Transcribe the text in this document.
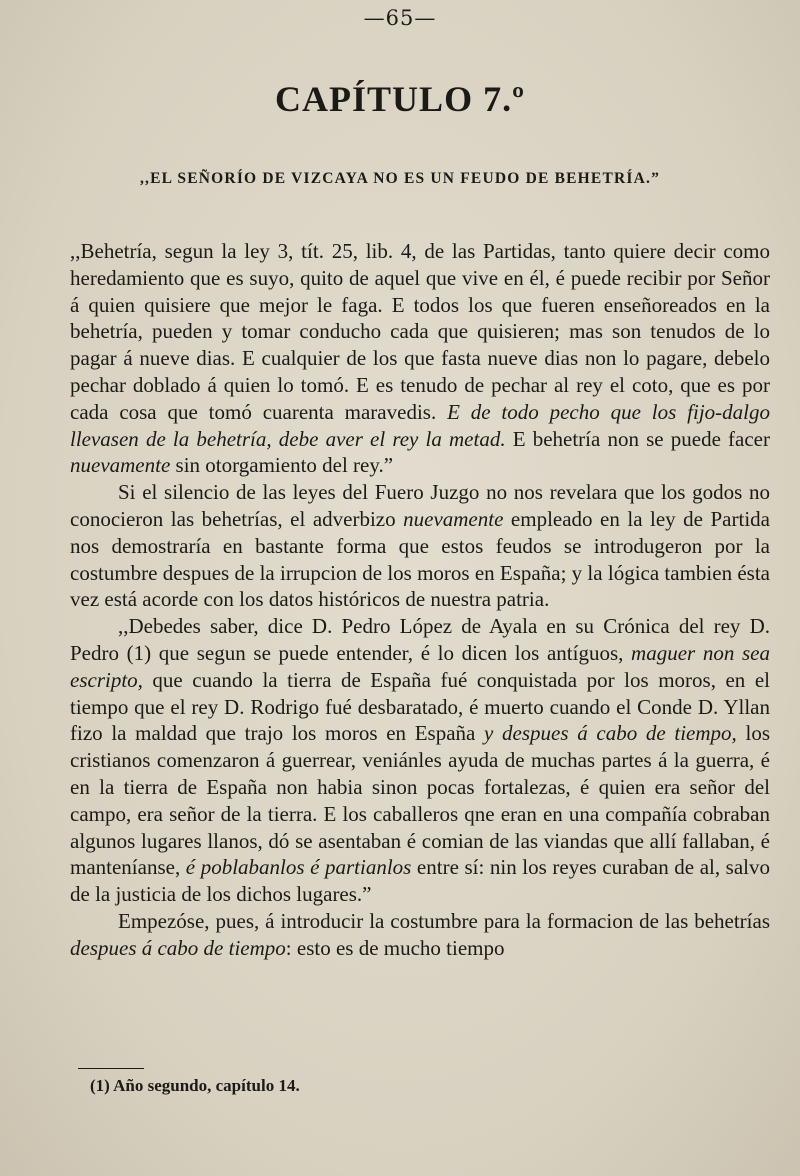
—65—
CAPÍTULO 7.º
,,EL SEÑORÍO DE VIZCAYA NO ES UN FEUDO DE BEHETRÍA.”

,,Behetría, segun la ley 3, tít. 25, lib. 4, de las Partidas, tanto quiere decir como heredamiento que es suyo, quito de aquel que vive en él, é puede recibir por Señor á quien quisiere que mejor le faga. E todos los que fueren enseñoreados en la behetría, pueden y tomar conducho cada que quisieren; mas son tenudos de lo pagar á nueve dias. E cualquier de los que fasta nueve dias non lo pagare, debelo pechar doblado á quien lo tomó. E es tenudo de pechar al rey el coto, que es por cada cosa que tomó cuarenta maravedis. E de todo pecho que los fijo-dalgo llevasen de la behetría, debe aver el rey la metad. E behetría non se puede facer nuevamente sin otorgamiento del rey.”

Si el silencio de las leyes del Fuero Juzgo no nos revelara que los godos no conocieron las behetrías, el adverbizo nuevamente empleado en la ley de Partida nos demostraría en bastante forma que estos feudos se introdugeron por la costumbre despues de la irrupcion de los moros en España; y la lógica tambien ésta vez está acorde con los datos históricos de nuestra patria.

,,Debedes saber, dice D. Pedro López de Ayala en su Crónica del rey D. Pedro (1) que segun se puede entender, é lo dicen los antíguos, maguer non sea escripto, que cuando la tierra de España fué conquistada por los moros, en el tiempo que el rey D. Rodrigo fué desbaratado, é muerto cuando el Conde D. Yllan fizo la maldad que trajo los moros en España y despues á cabo de tiempo, los cristianos comenzaron á guerrear, veniánles ayuda de muchas partes á la guerra, é en la tierra de España non habia sinon pocas fortalezas, é quien era señor del campo, era señor de la tierra. E los caballeros qne eran en una compañía cobraban algunos lugares llanos, dó se asentaban é comian de las viandas que allí fallaban, é manteníanse, é poblabanlos é partianlos entre sí: nin los reyes curaban de al, salvo de la justicia de los dichos lugares.”

Empezóse, pues, á introducir la costumbre para la formacion de las behetrías despues á cabo de tiempo: esto es de mucho tiempo

(1) Año segundo, capítulo 14.
